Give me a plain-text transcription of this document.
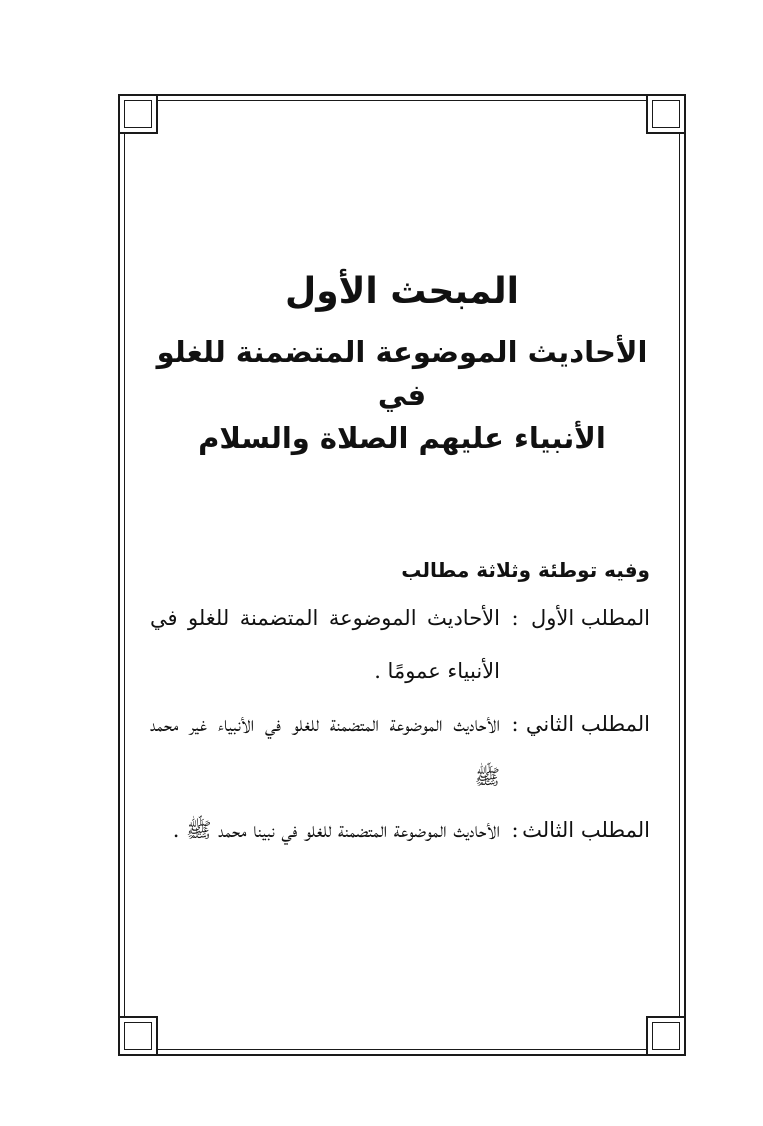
المبحث الأول
الأحاديث الموضوعة المتضمنة للغلو
في
الأنبياء عليهم الصلاة والسلام
وفيه توطئة وثلاثة مطالب
المطلب الأول
:
الأحاديث الموضوعة المتضمنة للغلو في الأنبياء عمومًا .
المطلب الثاني
:
الأحاديث الموضوعة المتضمنة للغلو في الأنبياء غير محمد ﷺ
المطلب الثالث
:
الأحاديث الموضوعة المتضمنة للغلو في نبينا محمد ﷺ .
